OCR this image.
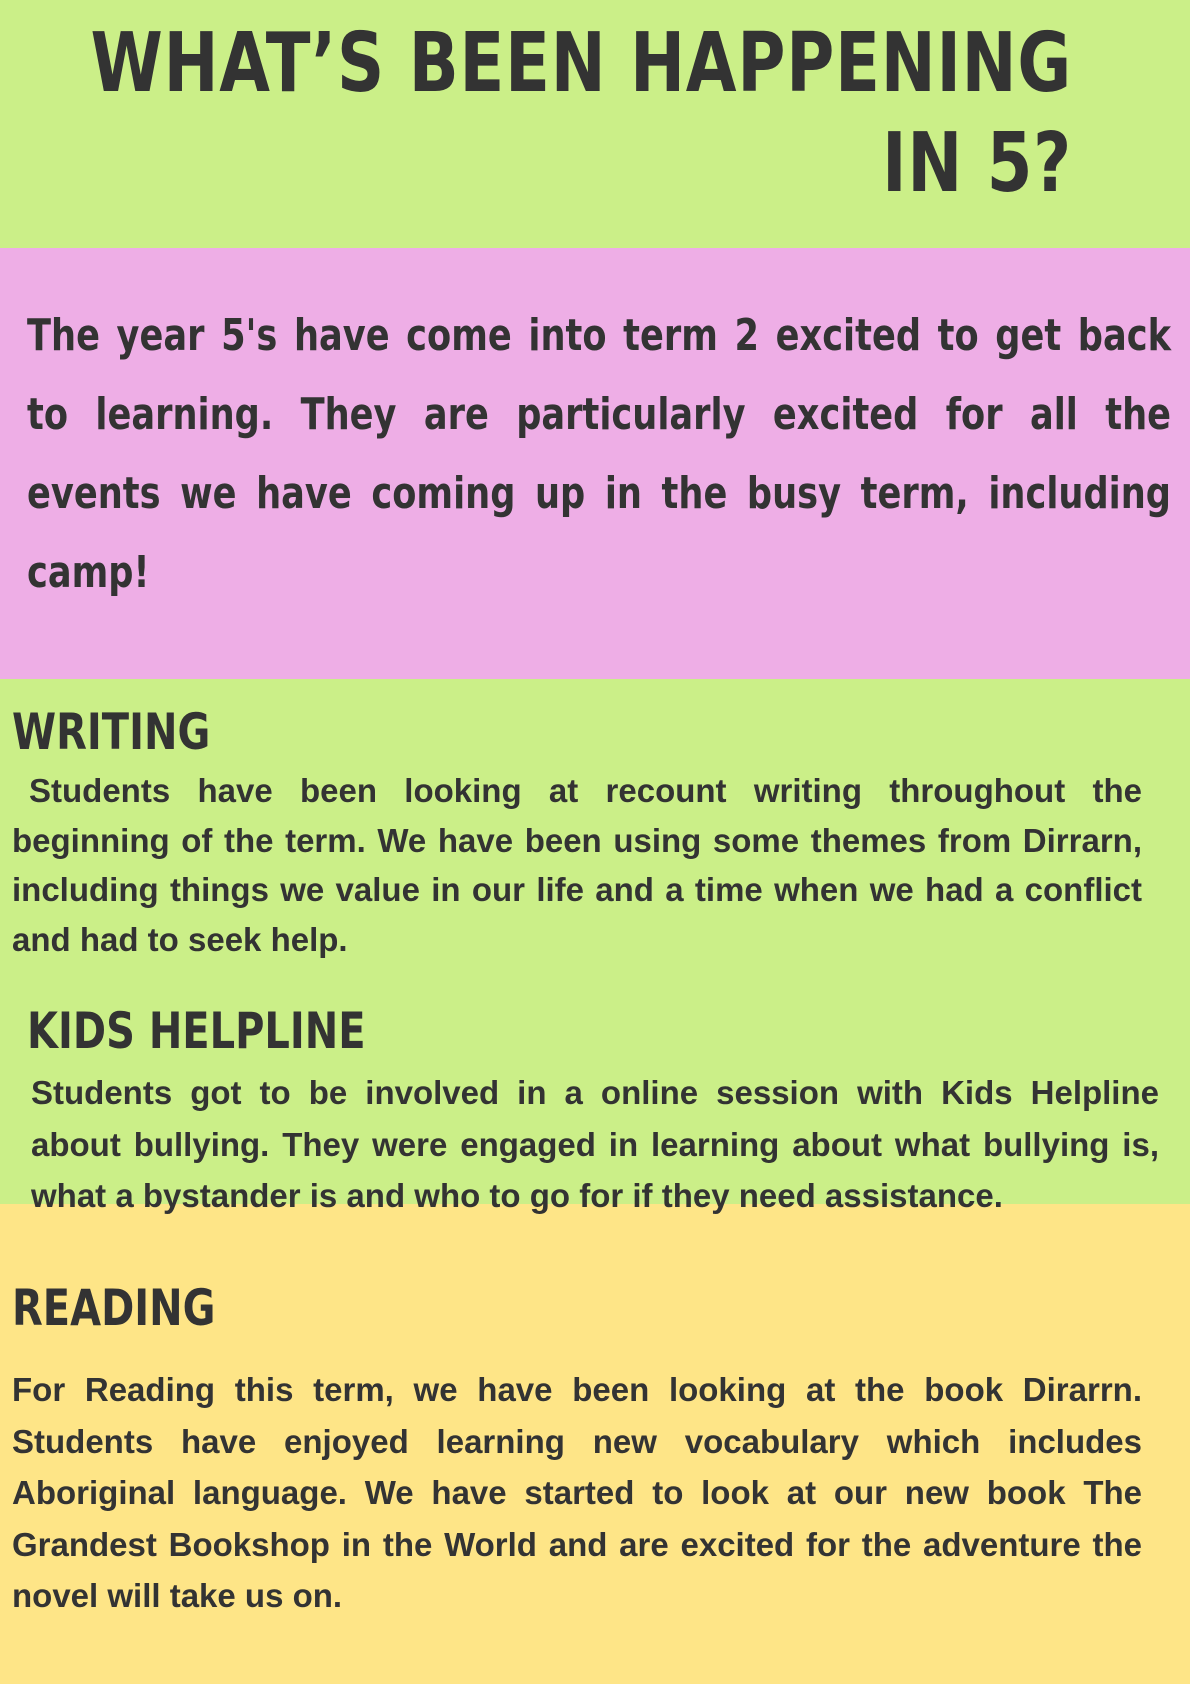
WHAT’S BEEN HAPPENING IN 5?

The year 5's have come into term 2 excited to get back to learning. They are particularly excited for all the events we have coming up in the busy term, including camp!

WRITING

Students have been looking at recount writing throughout the beginning of the term. We have been using some themes from Dirrarn, including things we value in our life and a time when we had a conflict and had to seek help.

KIDS HELPLINE

Students got to be involved in a online session with Kids Helpline about bullying. They were engaged in learning about what bullying is, what a bystander is and who to go for if they need assistance.

READING

For Reading this term, we have been looking at the book Dirarrn. Students have enjoyed learning new vocabulary which includes Aboriginal language. We have started to look at our new book The Grandest Bookshop in the World and are excited for the adventure the novel will take us on.
